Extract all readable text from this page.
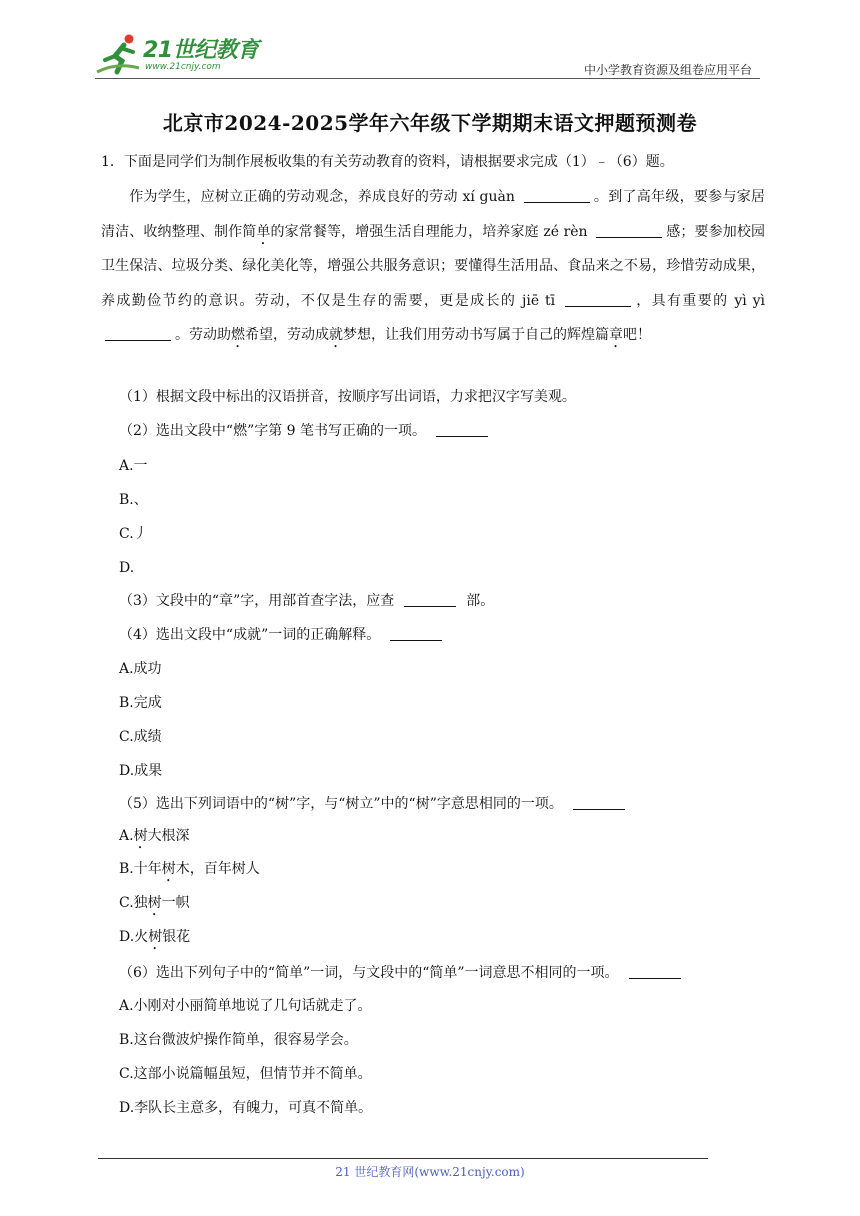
21世纪教育
www.21cnjy.com	中小学教育资源及组卷应用平台
北京市2024-2025学年六年级下学期期末语文押题预测卷
1．下面是同学们为制作展板收集的有关劳动教育的资料，请根据要求完成（1）﹣（6）题。
作为学生，应树立正确的劳动观念，养成良好的劳动 xí guàn	。到了高年级，要参与家居清洁、收纳整理、制作简单的家常餐等，增强生活自理能力，培养家庭 zé rèn	感；要参加校园卫生保洁、垃圾分类、绿化美化等，增强公共服务意识；要懂得生活用品、食品来之不易，珍惜劳动成果，养成勤俭节约的意识。劳动，不仅是生存的需要，更是成长的 jiē tī	，具有重要的 yì yì 。劳动助燃希望，劳动成就梦想，让我们用劳动书写属于自己的辉煌篇章吧！
（1）根据文段中标出的汉语拼音，按顺序写出词语，力求把汉字写美观。
（2）选出文段中“燃”字第 9 笔书写正确的一项。
A.一
B.、
C.丿
D.
（3）文段中的“章”字，用部首查字法，应查	部。
（4）选出文段中“成就”一词的正确解释。
A.成功
B.完成
C.成绩
D.成果
（5）选出下列词语中的“树”字，与“树立”中的“树”字意思相同的一项。
A.树大根深
B.十年树木，百年树人
C.独树一帜
D.火树银花
（6）选出下列句子中的“简单”一词，与文段中的“简单”一词意思不相同的一项。
A.小刚对小丽简单地说了几句话就走了。
B.这台微波炉操作简单，很容易学会。
C.这部小说篇幅虽短，但情节并不简单。
D.李队长主意多，有魄力，可真不简单。
21 世纪教育网(www.21cnjy.com)
